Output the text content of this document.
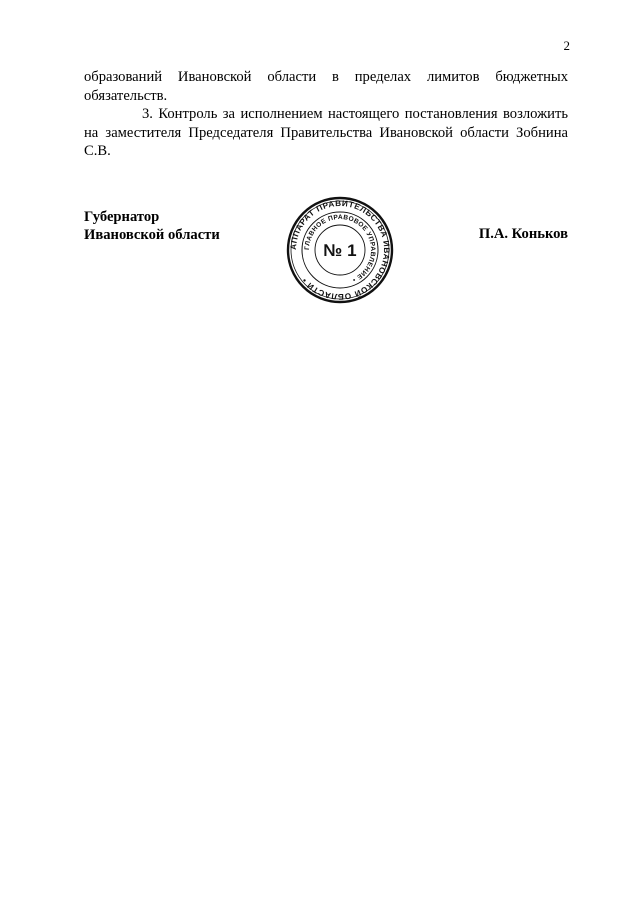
2

образований Ивановской области в пределах лимитов бюджетных обязательств.

3. Контроль за исполнением настоящего постановления возложить на заместителя Председателя Правительства Ивановской области Зобнина С.В.

Губернатор
Ивановской области	П.А. Коньков
АППАРАТ ПРАВИТЕЛЬСТВА ИВАНОВСКОЙ ОБЛАСТИ •
ГЛАВНОЕ ПРАВОВОЕ УПРАВЛЕНИЕ •
№ 1
